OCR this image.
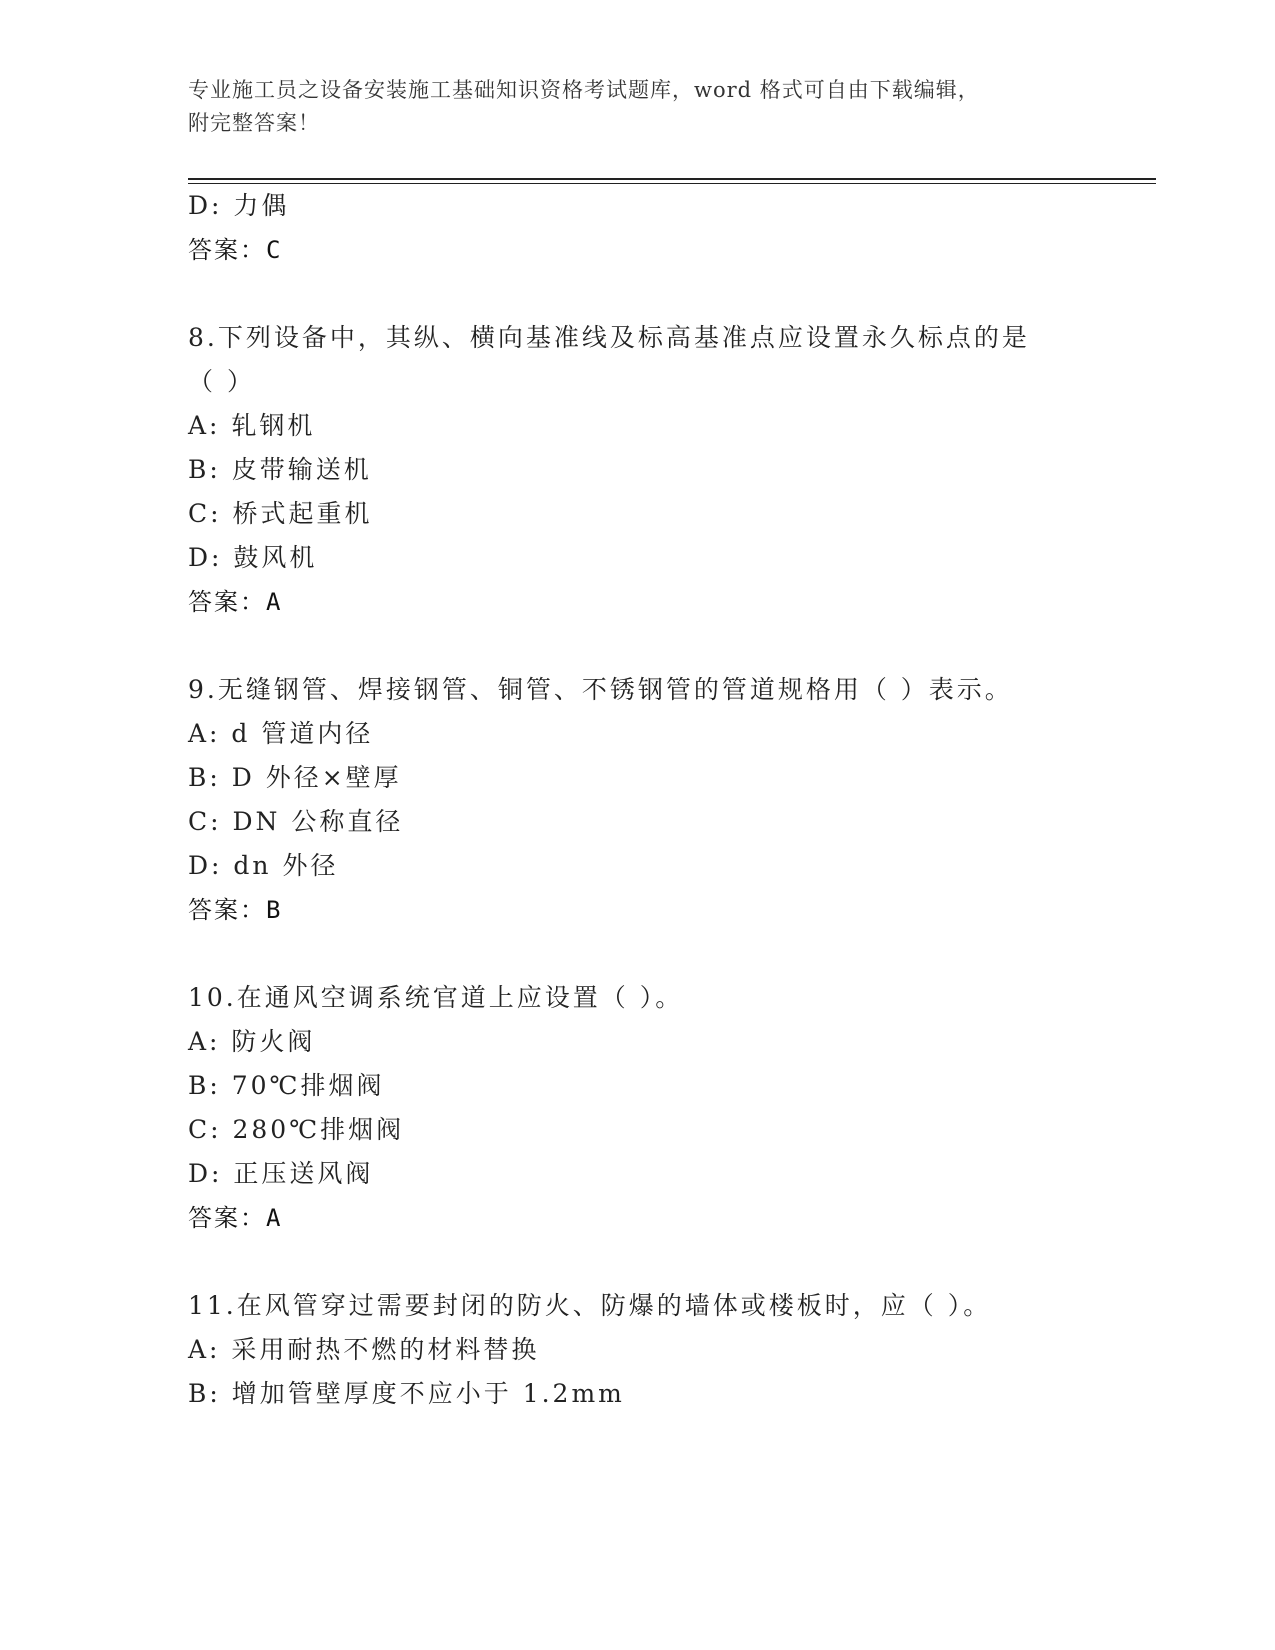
专业施工员之设备安装施工基础知识资格考试题库，word 格式可自由下载编辑，
附完整答案！
D: 力偶
答案：C
8.下列设备中，其纵、横向基准线及标高基准点应设置永久标点的是
（ ）
A: 轧钢机
B: 皮带输送机
C: 桥式起重机
D: 鼓风机
答案：A
9.无缝钢管、焊接钢管、铜管、不锈钢管的管道规格用（ ）表示。
A: d 管道内径
B: D 外径×壁厚
C: DN 公称直径
D: dn 外径
答案：B
10.在通风空调系统官道上应设置（ ）。
A: 防火阀
B: 70℃排烟阀
C: 280℃排烟阀
D: 正压送风阀
答案：A
11.在风管穿过需要封闭的防火、防爆的墙体或楼板时，应（ ）。
A: 采用耐热不燃的材料替换
B: 增加管壁厚度不应小于 1.2mm
